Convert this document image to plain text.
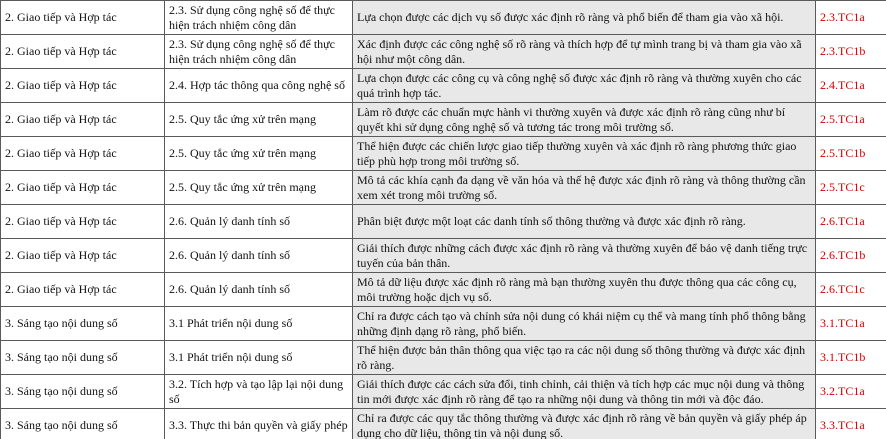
2. Giao tiếp và Hợp tác	2.3. Sử dụng công nghệ số để thực hiện trách nhiệm công dân	Lựa chọn được các dịch vụ số được xác định rõ ràng và phổ biến để tham gia vào xã hội.	2.3.TC1a
2. Giao tiếp và Hợp tác	2.3. Sử dụng công nghệ số để thực hiện trách nhiệm công dân	Xác định được các công nghệ số rõ ràng và thích hợp để tự mình trang bị và tham gia vào xã hội như một công dân.	2.3.TC1b
2. Giao tiếp và Hợp tác	2.4. Hợp tác thông qua công nghệ số	Lựa chọn được các công cụ và công nghệ số được xác định rõ ràng và thường xuyên cho các quá trình hợp tác.	2.4.TC1a
2. Giao tiếp và Hợp tác	2.5. Quy tắc ứng xử trên mạng	Làm rõ được các chuẩn mực hành vi thường xuyên và được xác định rõ ràng cũng như bí quyết khi sử dụng công nghệ số và tương tác trong môi trường số.	2.5.TC1a
2. Giao tiếp và Hợp tác	2.5. Quy tắc ứng xử trên mạng	Thể hiện được các chiến lược giao tiếp thường xuyên và xác định rõ ràng phương thức giao tiếp phù hợp trong môi trường số.	2.5.TC1b
2. Giao tiếp và Hợp tác	2.5. Quy tắc ứng xử trên mạng	Mô tả các khía cạnh đa dạng về văn hóa và thế hệ được xác định rõ ràng và thông thường cần xem xét trong môi trường số.	2.5.TC1c
2. Giao tiếp và Hợp tác	2.6. Quản lý danh tính số	Phân biệt được một loạt các danh tính số thông thường và được xác định rõ ràng.	2.6.TC1a
2. Giao tiếp và Hợp tác	2.6. Quản lý danh tính số	Giải thích được những cách được xác định rõ ràng và thường xuyên để bảo vệ danh tiếng trực tuyến của bản thân.	2.6.TC1b
2. Giao tiếp và Hợp tác	2.6. Quản lý danh tính số	Mô tả dữ liệu được xác định rõ ràng mà bạn thường xuyên thu được thông qua các công cụ, môi trường hoặc dịch vụ số.	2.6.TC1c
3. Sáng tạo nội dung số	3.1 Phát triển nội dung số	Chỉ ra được cách tạo và chỉnh sửa nội dung có khái niệm cụ thể và mang tính phổ thông bằng những định dạng rõ ràng, phổ biến.	3.1.TC1a
3. Sáng tạo nội dung số	3.1 Phát triển nội dung số	Thể hiện được bản thân thông qua việc tạo ra các nội dung số thông thường và được xác định rõ ràng.	3.1.TC1b
3. Sáng tạo nội dung số	3.2. Tích hợp và tạo lập lại nội dung số	Giải thích được các cách sửa đổi, tinh chỉnh, cải thiện và tích hợp các mục nội dung và thông tin mới được xác định rõ ràng để tạo ra những nội dung và thông tin mới và độc đáo.	3.2.TC1a
3. Sáng tạo nội dung số	3.3. Thực thi bản quyền và giấy phép	Chỉ ra được các quy tắc thông thường và được xác định rõ ràng về bản quyền và giấy phép áp dụng cho dữ liệu, thông tin và nội dung số.	3.3.TC1a
